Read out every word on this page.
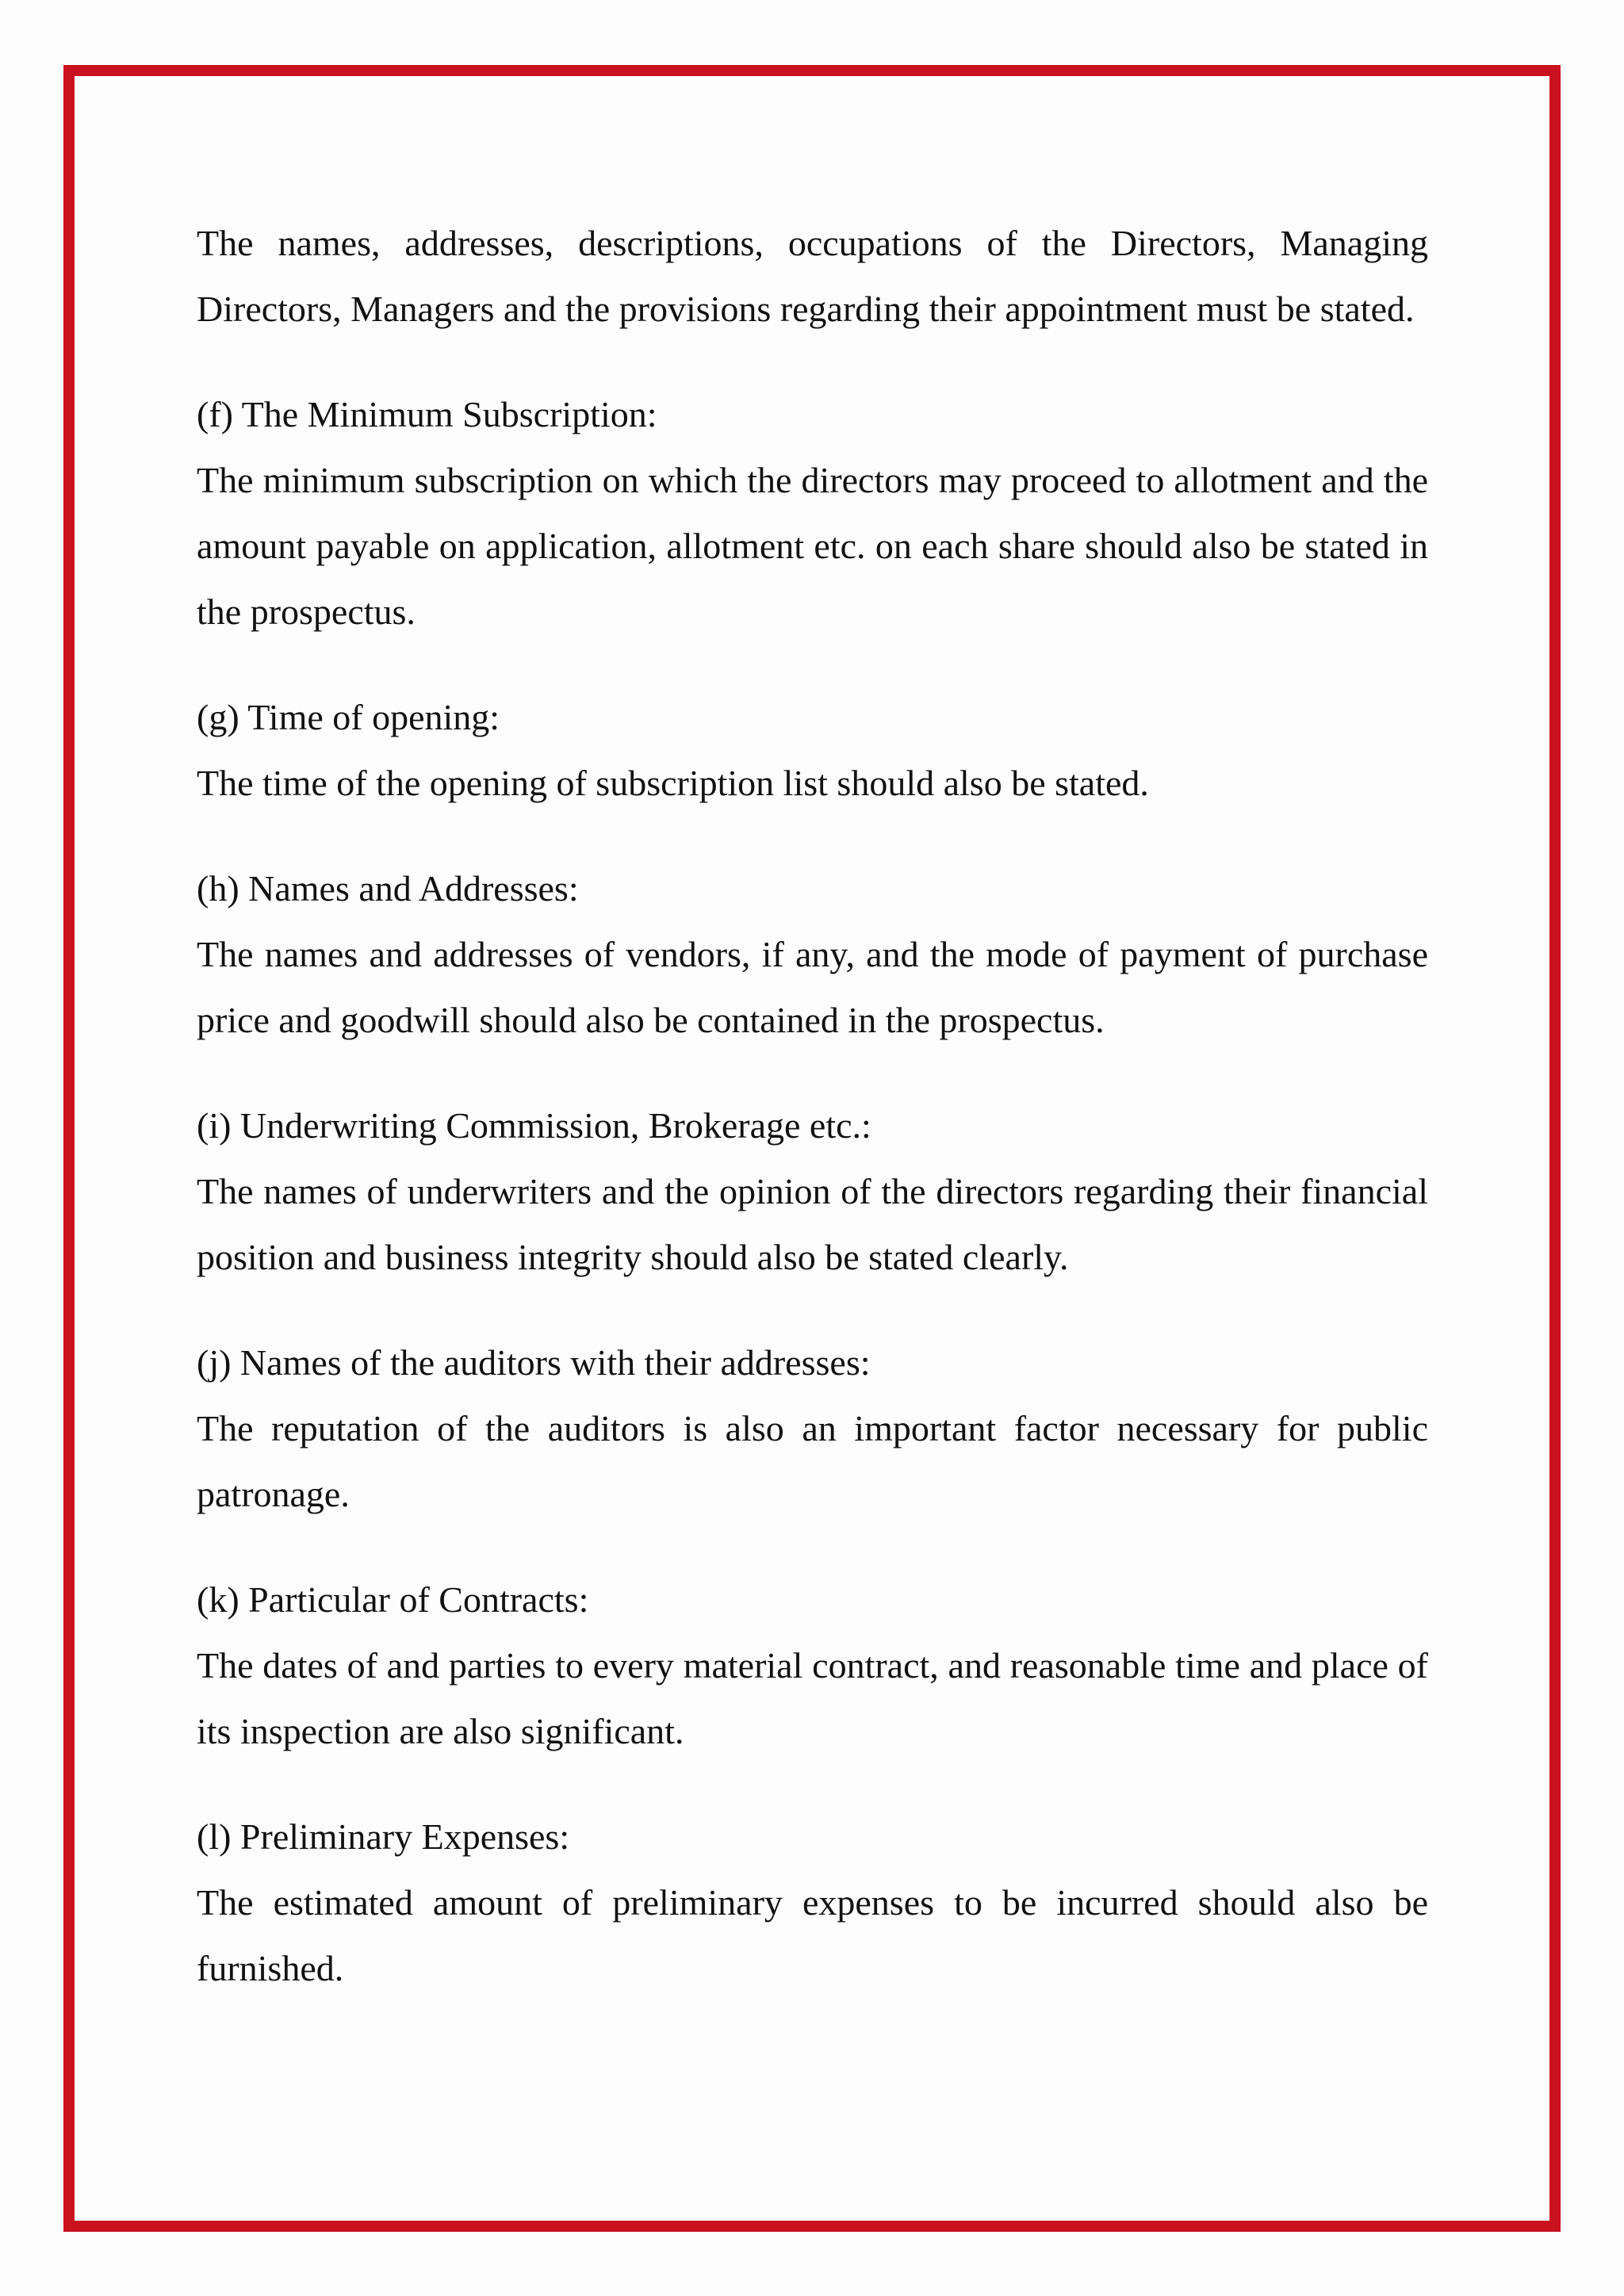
The names, addresses, descriptions, occupations of the Directors, Managing Directors, Managers and the provisions regarding their appointment must be stated.

(f) The Minimum Subscription:

The minimum subscription on which the directors may proceed to allotment and the amount payable on application, allotment etc. on each share should also be stated in the prospectus.

(g) Time of opening:

The time of the opening of subscription list should also be stated.

(h) Names and Addresses:

The names and addresses of vendors, if any, and the mode of payment of purchase price and goodwill should also be contained in the prospectus.

(i) Underwriting Commission, Brokerage etc.:

The names of underwriters and the opinion of the directors regarding their financial position and business integrity should also be stated clearly.

(j) Names of the auditors with their addresses:

The reputation of the auditors is also an important factor necessary for public patronage.

(k) Particular of Contracts:

The dates of and parties to every material contract, and reasonable time and place of its inspection are also significant.

(l) Preliminary Expenses:

The estimated amount of preliminary expenses to be incurred should also be furnished.
